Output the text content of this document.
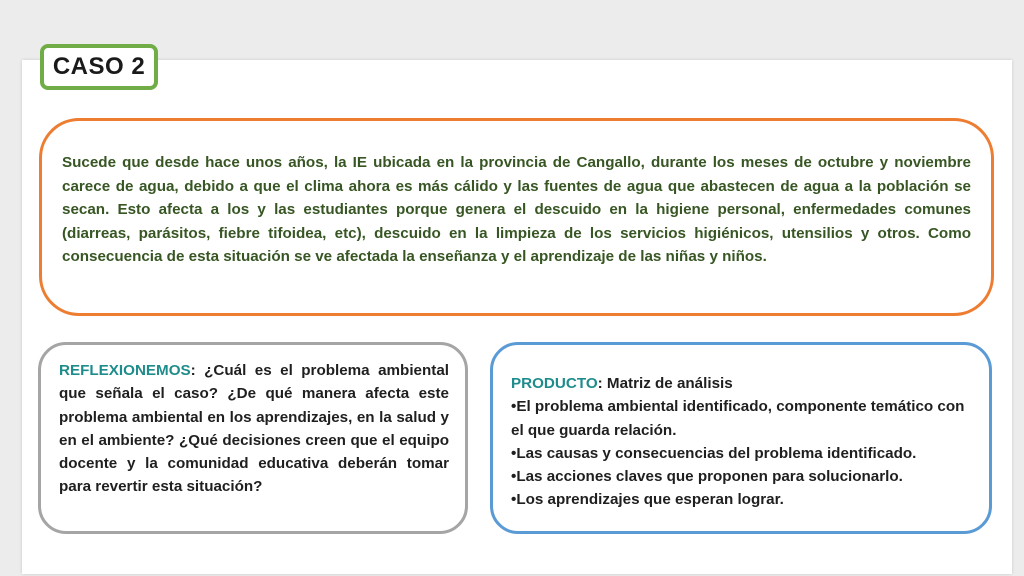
CASO 2

Sucede que desde hace unos años, la IE ubicada en la provincia de Cangallo, durante los meses de octubre y noviembre carece de agua, debido a que el clima ahora es más cálido y las fuentes de agua que abastecen de agua a la población se secan. Esto afecta a los y las estudiantes porque genera el descuido en la higiene personal, enfermedades comunes (diarreas, parásitos, fiebre tifoidea, etc), descuido en la limpieza de los servicios higiénicos, utensilios y otros. Como consecuencia de esta situación se ve afectada la enseñanza y el aprendizaje de las niñas y niños.

REFLEXIONEMOS: ¿Cuál es el problema ambiental que señala el caso? ¿De qué manera afecta este problema ambiental en los aprendizajes, en la salud y en el ambiente? ¿Qué decisiones creen que el equipo docente y la comunidad educativa deberán tomar para revertir esta situación?

PRODUCTO: Matriz de análisis
•El problema ambiental identificado, componente temático con el que guarda relación.
•Las causas y consecuencias del problema identificado.
•Las acciones claves que proponen para solucionarlo.
•Los aprendizajes que esperan lograr.
